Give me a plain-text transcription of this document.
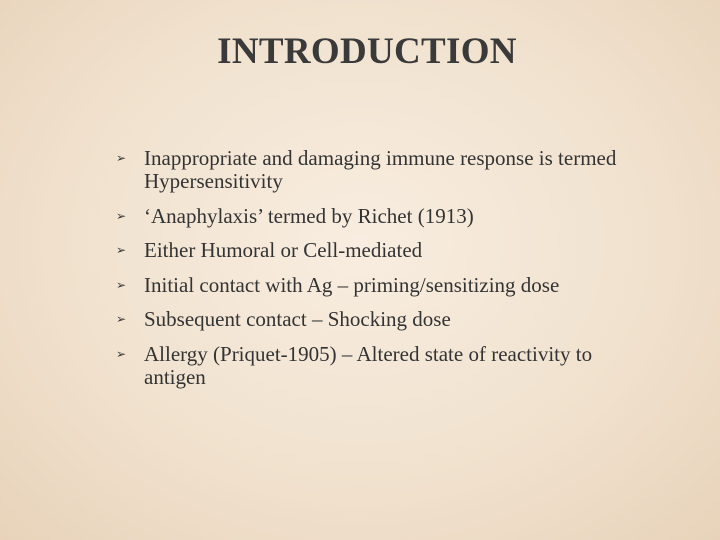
INTRODUCTION
➢ Inappropriate and damaging immune response is termed Hypersensitivity
➢ ‘Anaphylaxis’ termed by Richet (1913)
➢ Either Humoral or Cell-mediated
➢ Initial contact with Ag – priming/sensitizing dose
➢ Subsequent contact – Shocking dose
➢ Allergy (Priquet-1905) – Altered state of reactivity to antigen
